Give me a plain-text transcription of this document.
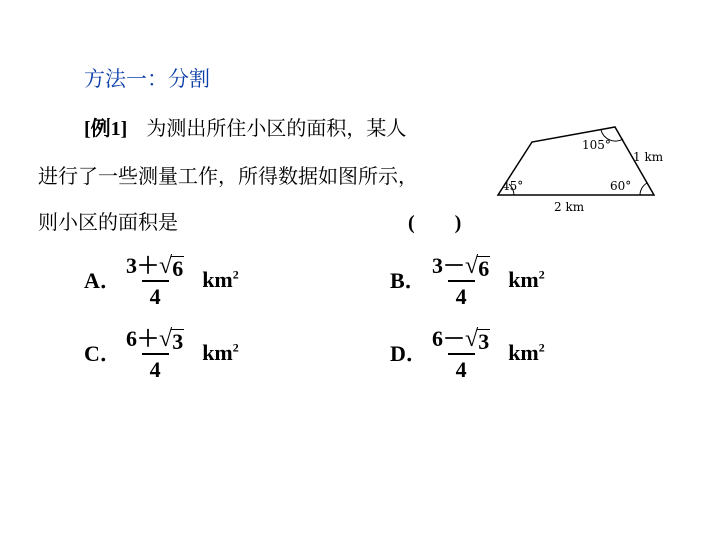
方法一：分割
[例1] 为测出所住小区的面积，某人
进行了一些测量工作，所得数据如图所示，
则小区的面积是	(　　)
105°
1 km
45°	60°
2 km
A． $\frac{3+ √ 6}{4} km^2$	B． $\frac{3- √ 6}{4} km^2$
C． $\frac{6+ √ 3}{4} km^2$	D． $\frac{6- √ 3}{4} km^2$
